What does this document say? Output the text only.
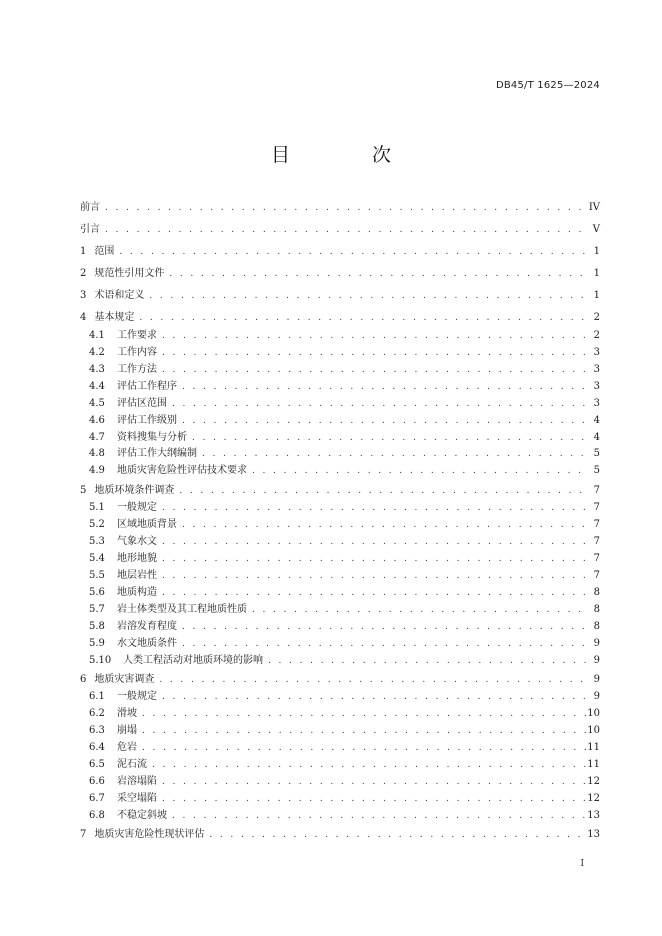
DB45/T 1625—2024
目 次
前言 . . .	IV
引言 . . .	V
1 范围 . . .	1
2 规范性引用文件 . . .	1
3 术语和定义 . . .	1
4 基本规定 . . .	2
4.1	工作要求 . . .	2
4.2	工作内容 . . .	3
4.3	工作方法 . . .	3
4.4	评估工作程序 . . .	3
4.5	评估区范围 . . .	3
4.6	评估工作级别 . . .	4
4.7	资料搜集与分析 . . .	4
4.8	评估工作大纲编制 . . .	5
4.9	地质灾害危险性评估技术要求 . . .	5
5 地质环境条件调查 . . .	7
5.1	一般规定 . . .	7
5.2	区域地质背景 . . .	7
5.3	气象水文 . . .	7
5.4	地形地貌 . . .	7
5.5	地层岩性 . . .	7
5.6	地质构造 . . .	8
5.7	岩土体类型及其工程地质性质 . . .	8
5.8	岩溶发育程度 . . .	8
5.9	水文地质条件 . . .	9
5.10	人类工程活动对地质环境的影响 . . .	9
6 地质灾害调查 . . .	9
6.1	一般规定 . . .	9
6.2	滑坡 . . .	10
6.3	崩塌 . . .	10
6.4	危岩 . . .	11
6.5	泥石流 . . .	11
6.6	岩溶塌陷 . . .	12
6.7	采空塌陷 . . .	12
6.8	不稳定斜坡 . . .	13
7 地质灾害危险性现状评估 . . .	13
I
